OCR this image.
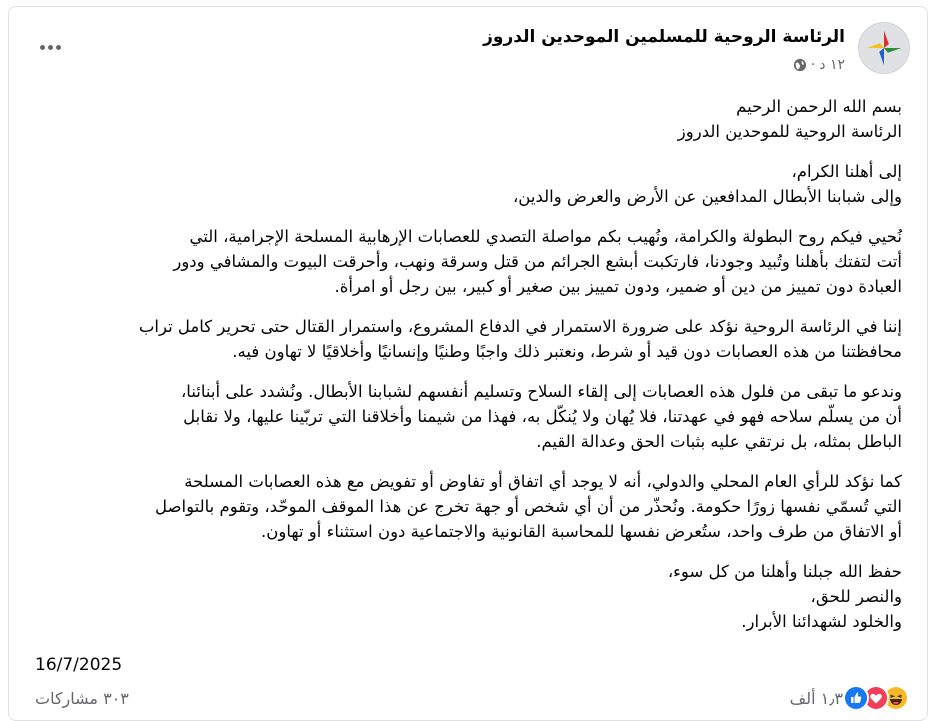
الرئاسة الروحية للمسلمين الموحدين الدروز
١٢ د
·
بسم الله الرحمن الرحيم
الرئاسة الروحية للموحدين الدروز
إلى أهلنا الكرام،
وإلى شبابنا الأبطال المدافعين عن الأرض والعرض والدين،
نُحيي فيكم روح البطولة والكرامة، ونُهيب بكم مواصلة التصدي للعصابات الإرهابية المسلحة الإجرامية، التي
أتت لتفتك بأهلنا وتُبيد وجودنا، فارتكبت أبشع الجرائم من قتل وسرقة ونهب، وأحرقت البيوت والمشافي ودور
العبادة دون تمييز من دين أو ضمير، ودون تمييز بين صغير أو كبير، بين رجل أو امرأة.
إننا في الرئاسة الروحية نؤكد على ضرورة الاستمرار في الدفاع المشروع، واستمرار القتال حتى تحرير كامل تراب
محافظتنا من هذه العصابات دون قيد أو شرط، ونعتبر ذلك واجبًا وطنيًا وإنسانيًا وأخلاقيًا لا تهاون فيه.
وندعو ما تبقى من فلول هذه العصابات إلى إلقاء السلاح وتسليم أنفسهم لشبابنا الأبطال. ونُشدد على أبنائنا،
أن من يسلّم سلاحه فهو في عهدتنا، فلا يُهان ولا يُنكّل به، فهذا من شيمنا وأخلاقنا التي تربّينا عليها، ولا نقابل
الباطل بمثله، بل نرتقي عليه بثبات الحق وعدالة القيم.
كما نؤكد للرأي العام المحلي والدولي، أنه لا يوجد أي اتفاق أو تفاوض أو تفويض مع هذه العصابات المسلحة
التي تُسمّي نفسها زورًا حكومة. ونُحذّر من أن أي شخص أو جهة تخرج عن هذا الموقف الموحّد، وتقوم بالتواصل
أو الاتفاق من طرف واحد، ستُعرض نفسها للمحاسبة القانونية والاجتماعية دون استثناء أو تهاون.
حفظ الله جبلنا وأهلنا من كل سوء،
والنصر للحق،
والخلود لشهدائنا الأبرار.
16/7/2025
١٫٣ ألف
٣٠٣ مشاركات
